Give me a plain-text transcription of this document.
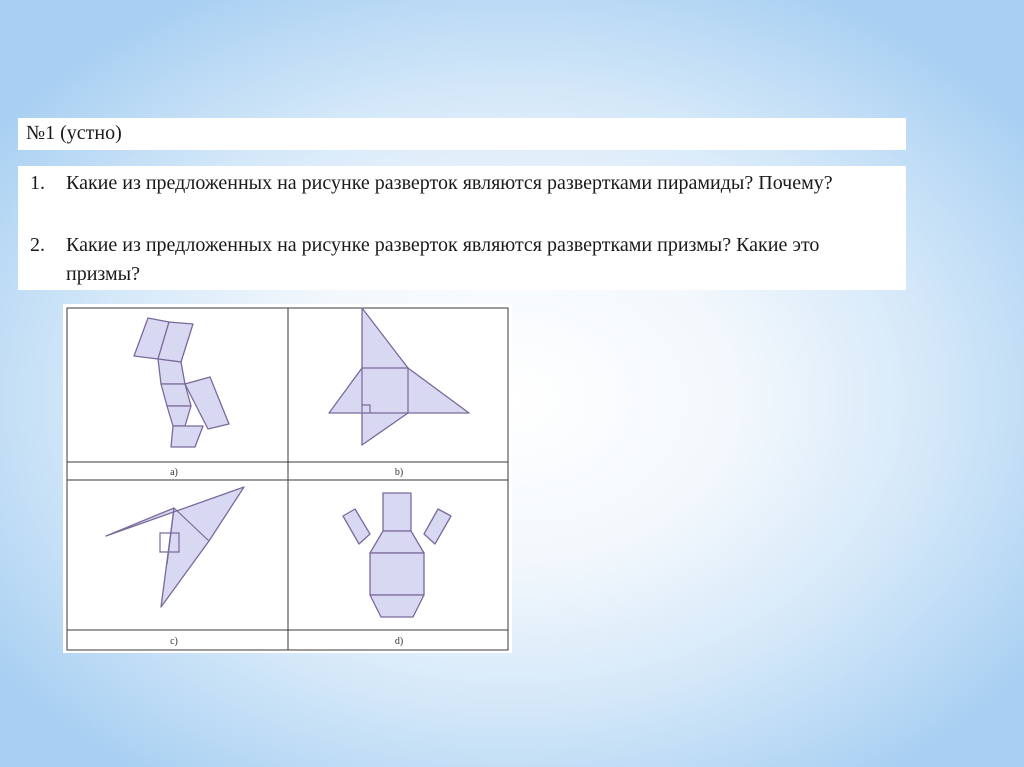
№1 (устно)
1. Какие из предложенных на рисунке разверток являются развертками пирамиды? Почему?
2. Какие из предложенных на рисунке разверток являются развертками призмы? Какие это призмы?
a)	b)
c)	d)
